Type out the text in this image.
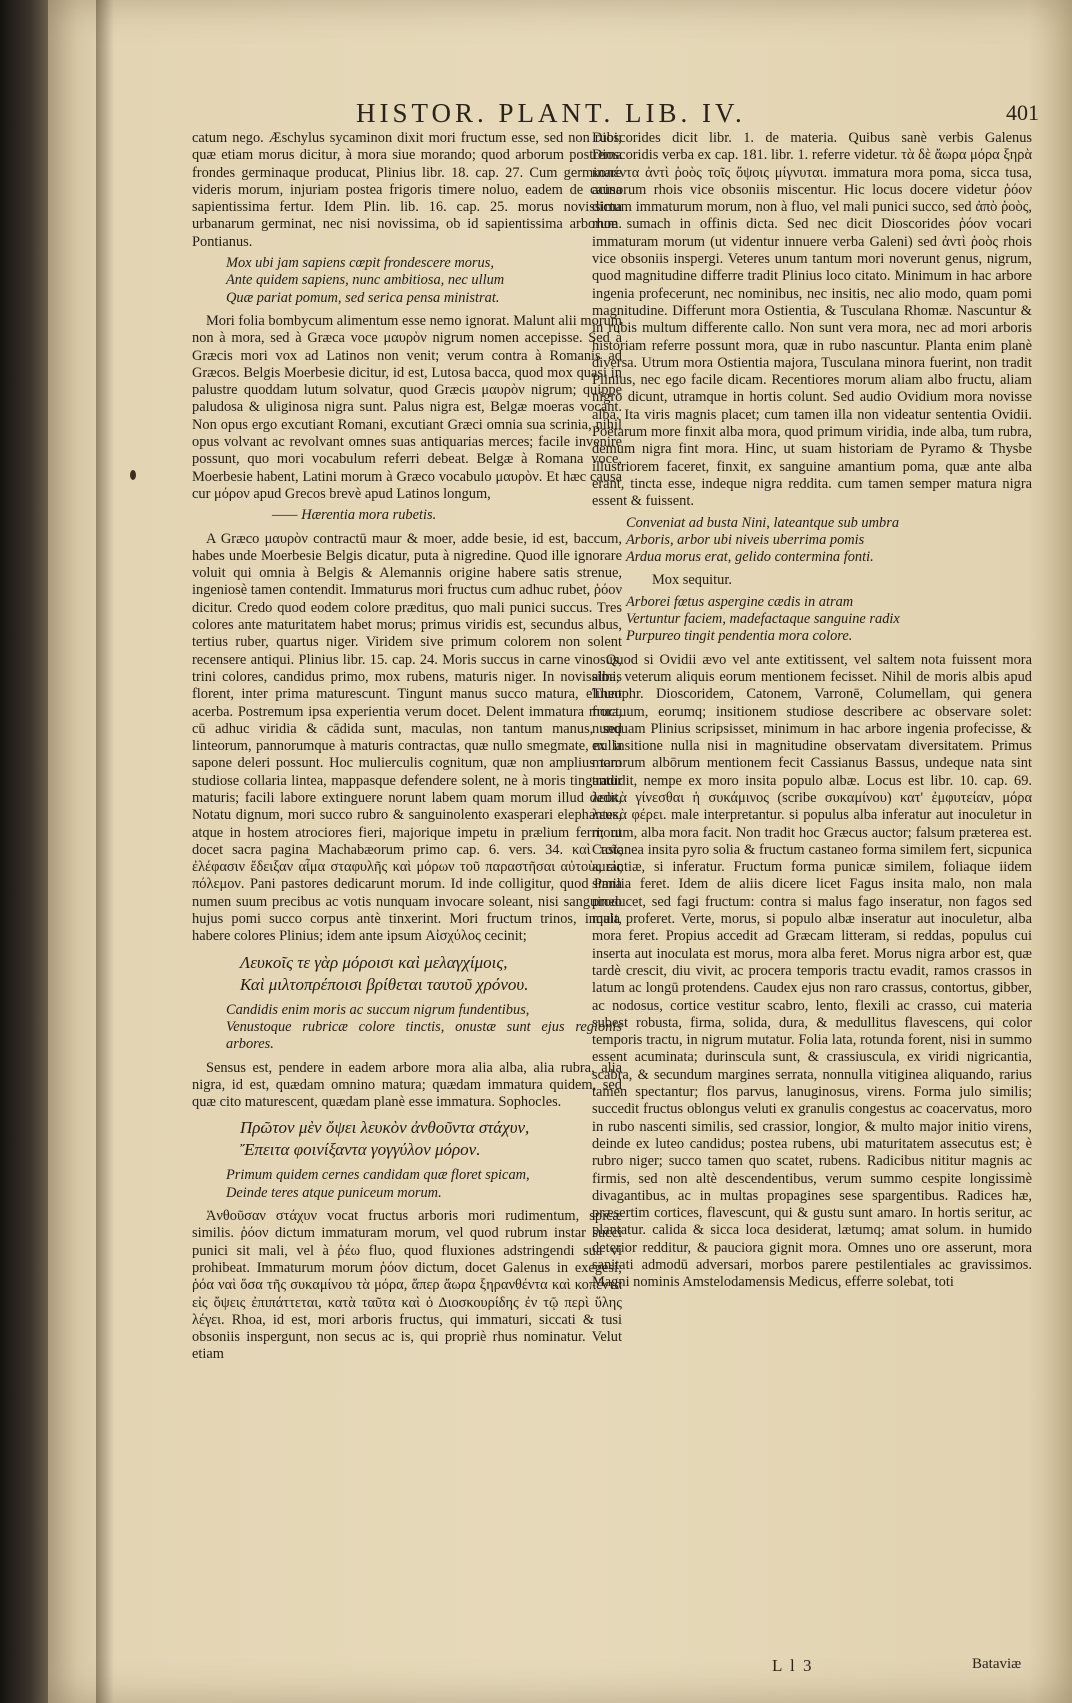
HISTOR. PLANT. LIB. IV.	401

catum nego. Æschylus sycaminon dixit mori fructum esse, sed non rubi; quæ etiam morus dicitur, à mora siue morando; quod arborum postrema frondes germinaque producat, Plinius libr. 18. cap. 27. Cum germinare videris morum, injuriam postea frigoris timere noluo, eadem de causa sapientissima fertur. Idem Plin. lib. 16. cap. 25. morus novissima urbanarum germinat, nec nisi novissima, ob id sapientissima arborum. Pontianus.

Mox ubi jam sapiens cœpit frondescere morus,
Ante quidem sapiens, nunc ambitiosa, nec ullum
Quæ pariat pomum, sed serica pensa ministrat.

Mori folia bombycum alimentum esse nemo ignorat. Malunt alii morum non à mora, sed à Græca voce μαυρὸν nigrum nomen accepisse. Sed à Græcis mori vox ad Latinos non venit; verum contra à Romanis ad Græcos. Belgis Moerbesie dicitur, id est, Lutosa bacca, quod mox quasi in palustre quoddam lutum solvatur, quod Græcis μαυρὸν nigrum; quippe paludosa & uliginosa nigra sunt. Palus nigra est, Belgæ moeras vocant. Non opus ergo excutiant Romani, excutiant Græci omnia sua scrinia, nihil opus volvant ac revolvant omnes suas antiquarias merces; facile invenire possunt, quo mori vocabulum referri debeat. Belgæ à Romana voce, Moerbesie habent, Latini morum à Græco vocabulo μαυρὸν. Et hæc causa cur μόρον apud Grecos brevè apud Latinos longum,

—— Hærentia mora rubetis.

A Græco μαυρὸν contractū maur & moer, adde besie, id est, baccum, habes unde Moerbesie Belgis dicatur, puta à nigredine. Quod ille ignorare voluit qui omnia à Belgis & Alemannis origine habere satis strenue, ingeniosè tamen contendit. Immaturus mori fructus cum adhuc rubet, ῥόον dicitur. Credo quod eodem colore præditus, quo mali punici succus. Tres colores ante maturitatem habet morus; primus viridis est, secundus albus, tertius ruber, quartus niger. Viridem sive primum colorem non solent recensere antiqui. Plinius libr. 15. cap. 24. Moris succus in carne vinosus, trini colores, candidus primo, mox rubens, maturis niger. In novissimis florent, inter prima maturescunt. Tingunt manus succo matura, eluunt acerba. Postremum ipsa experientia verum docet. Delent immatura mora, cū adhuc viridia & cādida sunt, maculas, non tantum manus, sed linteorum, pannorumque à maturis contractas, quæ nullo smegmate, nulla sapone deleri possunt. Hoc mulierculis cognitum, quæ non amplius tam studiose collaria lintea, mappasque defendere solent, ne à moris tingantur maturis; facili labore extinguere norunt labem quam morum illud dedit, Notatu dignum, mori succo rubro & sanguinolento exasperari elephantes, atque in hostem atrociores fieri, majorique impetu in prælium ferri; ut docet sacra pagina Machabæorum primo cap. 6. vers. 34. καὶ τοῖς ἐλέφασιν ἔδειξαν αἷμα σταφυλῆς καὶ μόρων τοῦ παραστῆσαι αὐτοὺς εἰς πόλεμον. Pani pastores dedicarunt morum. Id inde colligitur, quod Pana numen suum precibus ac votis nunquam invocare soleant, nisi sanguineo hujus pomi succo corpus antè tinxerint. Mori fructum trinos, inquit, habere colores Plinius; idem ante ipsum Αἰσχύλος cecinit;

Λευκοῖς τε γὰρ μόροισι καὶ μελαγχίμοις,
Καὶ μιλτοπρέποισι βρίθεται ταυτοῦ χρόνου.
Candidis enim moris ac succum nigrum fundentibus,
Venustoque rubricæ colore tinctis, onustæ sunt ejus regionis arbores.

Sensus est, pendere in eadem arbore mora alia alba, alia rubra, alia nigra, id est, quædam omnino matura; quædam immatura quidem, sed quæ cito maturescent, quædam planè esse immatura. Sophocles.

Πρῶτον μὲν ὄψει λευκὸν ἀνθοῦντα στάχυν,
Ἔπειτα φοινίξαντα γογγύλον μόρον.
Primum quidem cernes candidam quæ floret spicam,
Deinde teres atque puniceum morum.

Ἀνθοῦσαν στάχυν vocat fructus arboris mori rudimentum, spicæ similis. ῥόον dictum immaturam morum, vel quod rubrum instar succi punici sit mali, vel à ῥέω fluo, quod fluxiones adstringendi sua vi prohibeat. Immaturum morum ῥόον dictum, docet Galenus in exegesi; ῥόα ναὶ ὅσα τῆς συκαμίνου τὰ μόρα, ἅπερ ἄωρα ξηρανθέντα καὶ κοπέντα εἰς ὄψεις ἐπιπάττεται, κατὰ ταῦτα καὶ ὁ Διοσκουρίδης ἐν τῷ περὶ ὕλης λέγει. Rhoa, id est, mori arboris fructus, qui immaturi, siccati & tusi obsoniis inspergunt, non secus ac is, qui propriè rhus nominatur. Velut etiam

Dioscorides dicit libr. 1. de materia. Quibus sanè verbis Galenus Dioscoridis verba ex cap. 181. libr. 1. referre videtur. τὰ δὲ ἄωρα μόρα ξηρὰ κοπέντα ἀντὶ ῥοὸς τοῖς ὄψοις μίγνυται. immatura mora poma, sicca tusa, acinorum rhois vice obsoniis miscentur. Hic locus docere videtur ῥόον dictum immaturum morum, non à fluo, vel mali punici succo, sed ἀπὸ ῥοὸς, rhoe sumach in offinis dicta. Sed nec dicit Dioscorides ῥόον vocari immaturam morum (ut videntur innuere verba Galeni) sed ἀντὶ ῥοὸς rhois vice obsoniis inspergi. Veteres unum tantum mori noverunt genus, nigrum, quod magnitudine differre tradit Plinius loco citato. Minimum in hac arbore ingenia profecerunt, nec nominibus, nec insitis, nec alio modo, quam pomi magnitudine. Differunt mora Ostientia, & Tusculana Rhomæ. Nascuntur & in rubis multum differente callo. Non sunt vera mora, nec ad mori arboris historiam referre possunt mora, quæ in rubo nascuntur. Planta enim planè diversa. Utrum mora Ostientia majora, Tusculana minora fuerint, non tradit Plinius, nec ego facile dicam. Recentiores morum aliam albo fructu, aliam nigro dicunt, utramque in hortis colunt. Sed audio Ovidium mora novisse alba. Ita viris magnis placet; cum tamen illa non videatur sententia Ovidii. Poëtarum more finxit alba mora, quod primum viridia, inde alba, tum rubra, demum nigra fint mora. Hinc, ut suam historiam de Pyramo & Thysbe illustriorem faceret, finxit, ex sanguine amantium poma, quæ ante alba erant, tincta esse, indeque nigra reddita. cum tamen semper matura nigra essent & fuissent.

Conveniat ad busta Nini, lateantque sub umbra
Arboris, arbor ubi niveis uberrima pomis
Ardua morus erat, gelido contermina fonti.
Mox sequitur.
Arborei fœtus aspergine cædis in atram
Vertuntur faciem, madefactaque sanguine radix
Purpureo tingit pendentia mora colore.

Quod si Ovidii ævo vel ante extitissent, vel saltem nota fuissent mora alba, veterum aliquis eorum mentionem fecisset. Nihil de moris albis apud Theophr. Dioscoridem, Catonem, Varronē, Columellam, qui genera fructuum, eorumq; insitionem studiose describere ac observare solet: nunquam Plinius scripsisset, minimum in hac arbore ingenia profecisse, & ex insitione nulla nisi in magnitudine observatam diversitatem. Primus mororum albōrum mentionem fecit Cassianus Bassus, undeque nata sint tradidit, nempe ex moro insita populo albæ. Locus est libr. 10. cap. 69. λευκὰ γίνεσθαι ἡ συκάμινος (scribe συκαμίνου) κατ' ἐμφυτείαν, μόρα λευκὰ φέρει. male interpretantur. si populus alba inferatur aut inoculetur in morum, alba mora facit. Non tradit hoc Græcus auctor; falsum præterea est. Castanea insita pyro solia & fructum castaneo forma similem fert, sicpunica aurantiæ, si inferatur. Fructum forma punicæ similem, foliaque iidem similia feret. Idem de aliis dicere licet Fagus insita malo, non mala producet, sed fagi fructum: contra si malus fago inseratur, non fagos sed mala proferet. Verte, morus, si populo albæ inseratur aut inoculetur, alba mora feret. Propius accedit ad Græcam litteram, si reddas, populus cui inserta aut inoculata est morus, mora alba feret. Morus nigra arbor est, quæ tardè crescit, diu vivit, ac procera temporis tractu evadit, ramos crassos in latum ac longū protendens. Caudex ejus non raro crassus, contortus, gibber, ac nodosus, cortice vestitur scabro, lento, flexili ac crasso, cui materia subest robusta, firma, solida, dura, & medullitus flavescens, qui color temporis tractu, in nigrum mutatur. Folia lata, rotunda forent, nisi in summo essent acuminata; durinscula sunt, & crassiuscula, ex viridi nigricantia, scabra, & secundum margines serrata, nonnulla vitiginea aliquando, rarius tamen spectantur; flos parvus, lanuginosus, virens. Forma julo similis; succedit fructus oblongus veluti ex granulis congestus ac coacervatus, moro in rubo nascenti similis, sed crassior, longior, & multo major initio virens, deinde ex luteo candidus; postea rubens, ubi maturitatem assecutus est; è rubro niger; succo tamen quo scatet, rubens. Radicibus nititur magnis ac firmis, sed non altè descendentibus, verum summo cespite longissimè divagantibus, ac in multas propagines sese spargentibus. Radices hæ, præsertim cortices, flavescunt, qui & gustu sunt amaro. In hortis seritur, ac plantatur. calida & sicca loca desiderat, lætumq; amat solum. in humido deterior redditur, & pauciora gignit mora. Omnes uno ore asserunt, mora sanitati admodū adversari, morbos parere pestilentiales ac gravissimos. Magni nominis Amstelodamensis Medicus, efferre solebat, toti

L l 3	Bataviæ
